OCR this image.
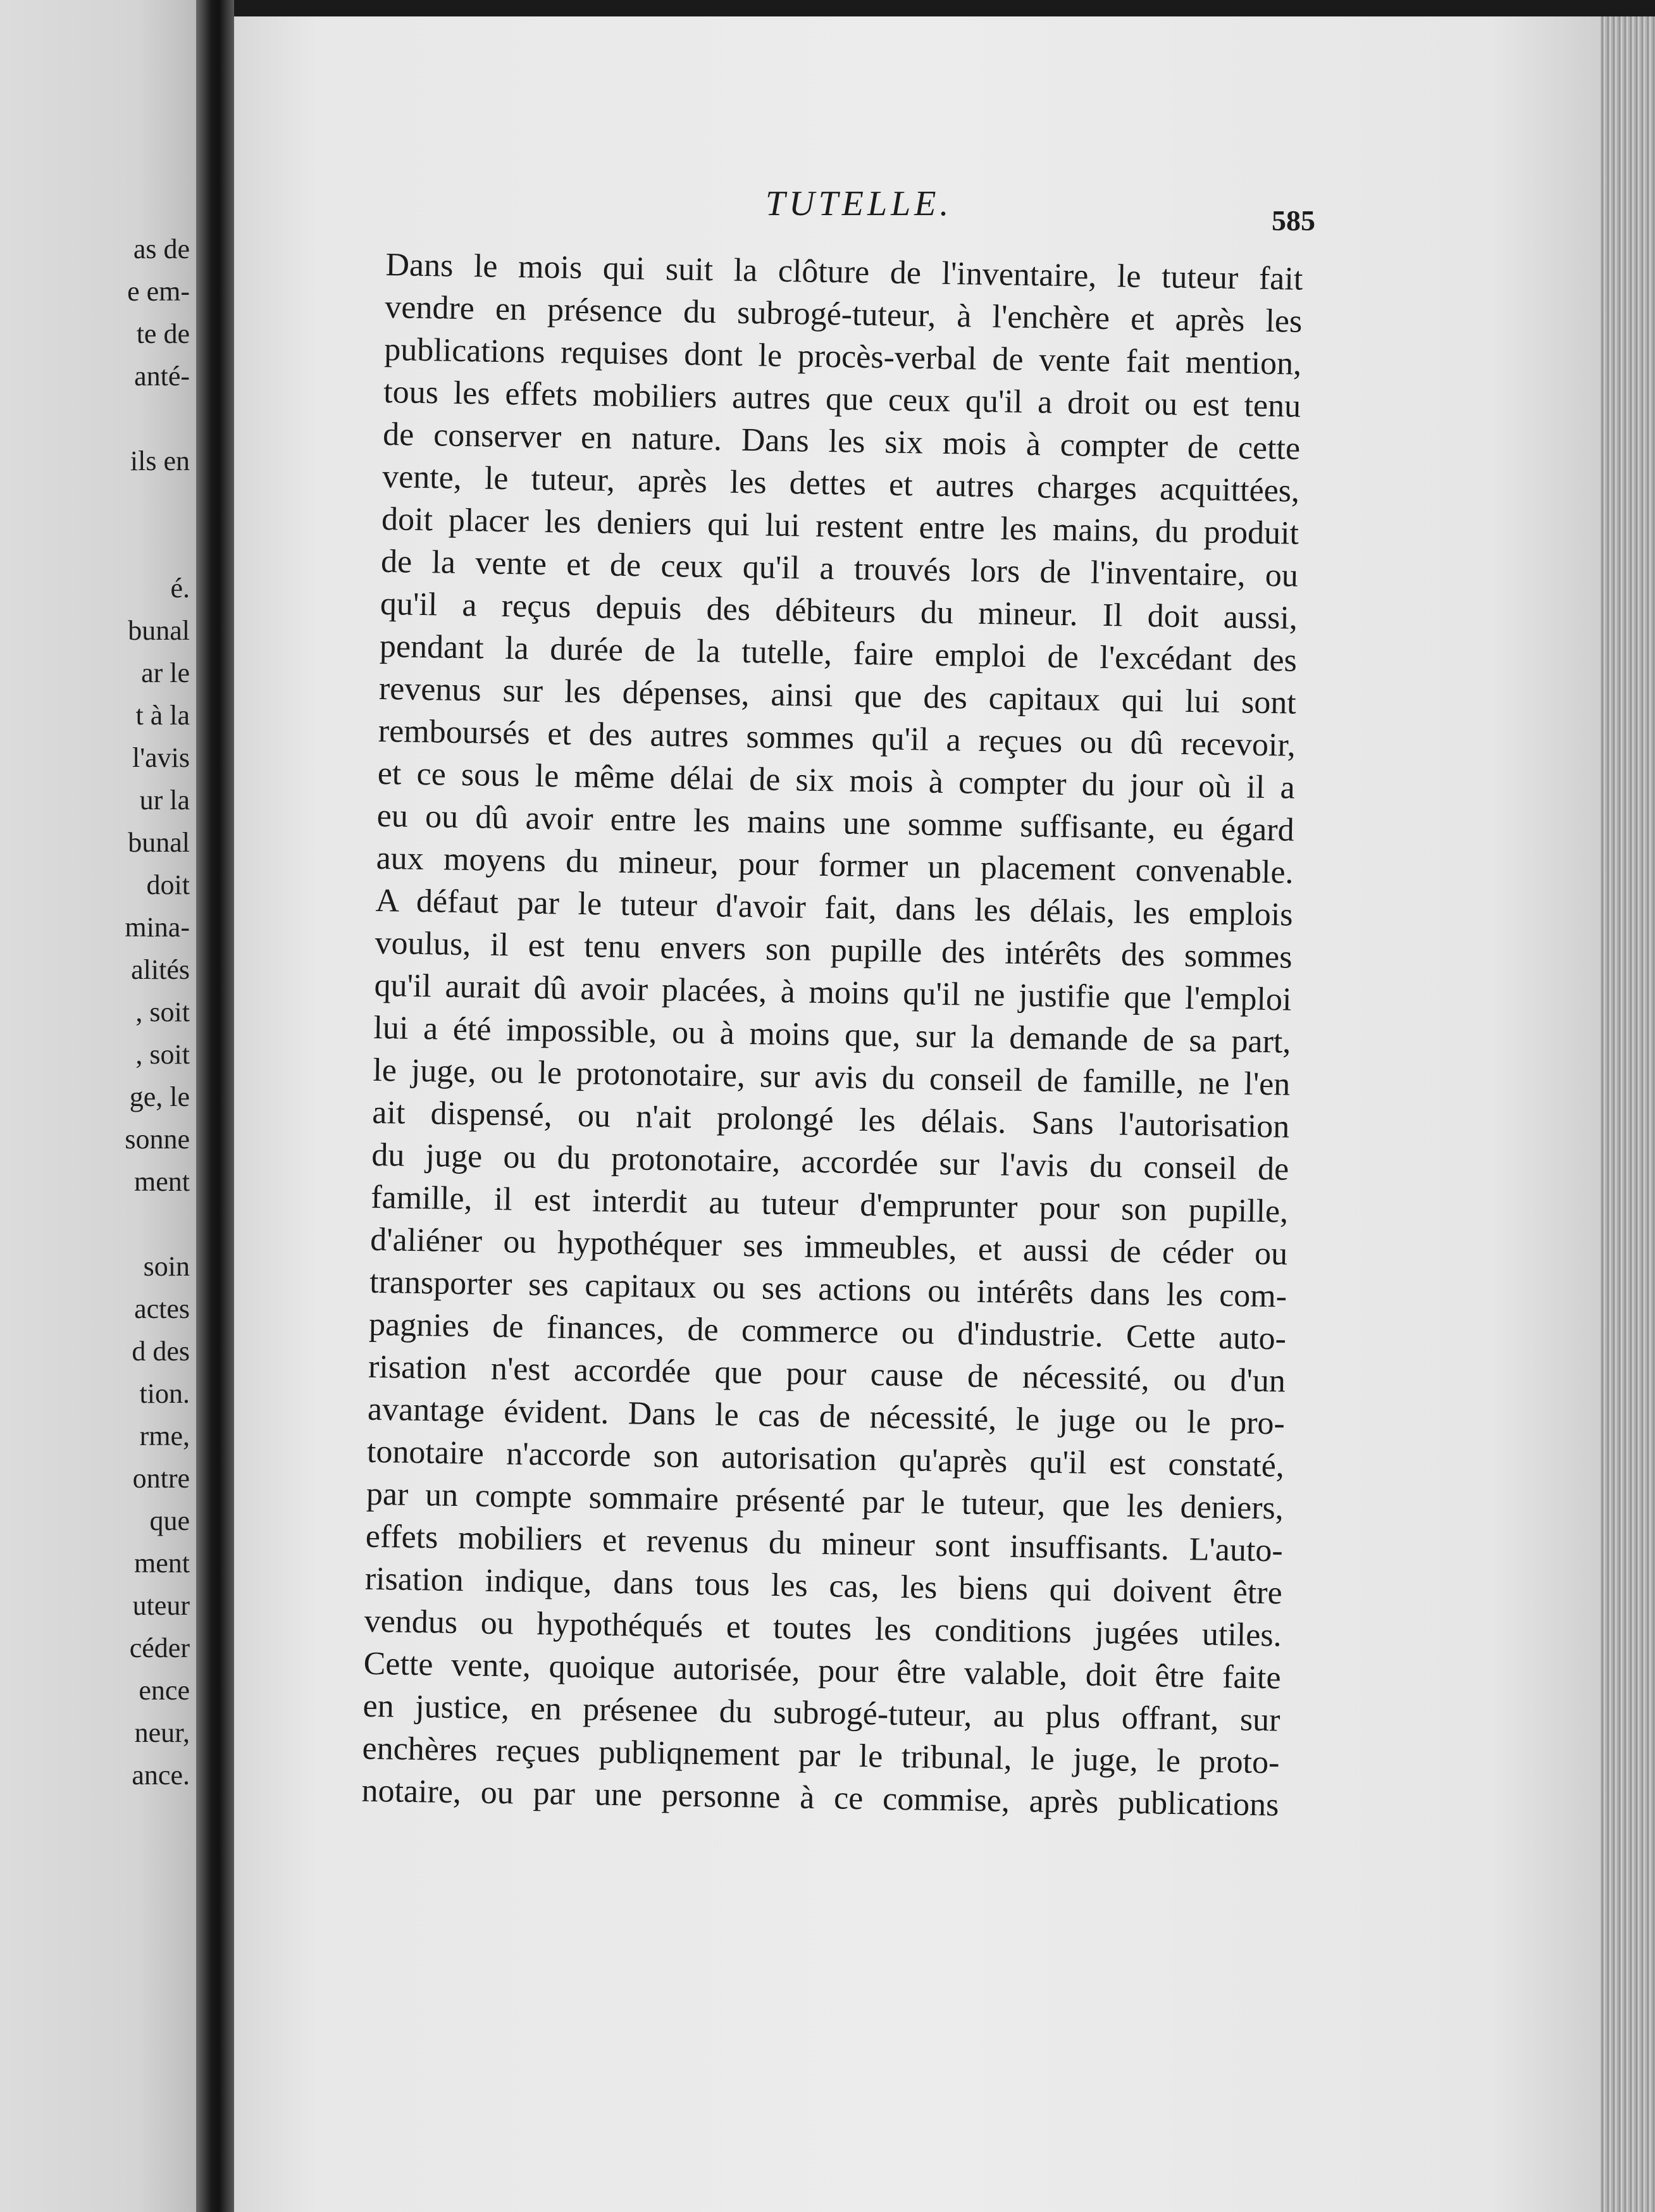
as de
e em-
te de
anté-
ils en
é.
bunal
ar le
t à la
l'avis
ur la
bunal
doit
mina-
alités
, soit
, soit
ge, le
sonne
ment
soin
actes
d des
tion.
rme,
ontre
que
ment
uteur
céder
ence
neur,
ance.
TUTELLE.	585
Dans le mois qui suit la clôture de l'inventaire, le tuteur fait
vendre en présence du subrogé-tuteur, à l'enchère et après les
publications requises dont le procès-verbal de vente fait mention,
tous les effets mobiliers autres que ceux qu'il a droit ou est tenu
de conserver en nature. Dans les six mois à compter de cette
vente, le tuteur, après les dettes et autres charges acquittées,
doit placer les deniers qui lui restent entre les mains, du produit
de la vente et de ceux qu'il a trouvés lors de l'inventaire, ou
qu'il a reçus depuis des débiteurs du mineur. Il doit aussi,
pendant la durée de la tutelle, faire emploi de l'excédant des
revenus sur les dépenses, ainsi que des capitaux qui lui sont
remboursés et des autres sommes qu'il a reçues ou dû recevoir,
et ce sous le même délai de six mois à compter du jour où il a
eu ou dû avoir entre les mains une somme suffisante, eu égard
aux moyens du mineur, pour former un placement convenable.
A défaut par le tuteur d'avoir fait, dans les délais, les emplois
voulus, il est tenu envers son pupille des intérêts des sommes
qu'il aurait dû avoir placées, à moins qu'il ne justifie que l'emploi
lui a été impossible, ou à moins que, sur la demande de sa part,
le juge, ou le protonotaire, sur avis du conseil de famille, ne l'en
ait dispensé, ou n'ait prolongé les délais. Sans l'autorisation
du juge ou du protonotaire, accordée sur l'avis du conseil de
famille, il est interdit au tuteur d'emprunter pour son pupille,
d'aliéner ou hypothéquer ses immeubles, et aussi de céder ou
transporter ses capitaux ou ses actions ou intérêts dans les com-
pagnies de finances, de commerce ou d'industrie. Cette auto-
risation n'est accordée que pour cause de nécessité, ou d'un
avantage évident. Dans le cas de nécessité, le juge ou le pro-
tonotaire n'accorde son autorisation qu'après qu'il est constaté,
par un compte sommaire présenté par le tuteur, que les deniers,
effets mobiliers et revenus du mineur sont insuffisants. L'auto-
risation indique, dans tous les cas, les biens qui doivent être
vendus ou hypothéqués et toutes les conditions jugées utiles.
Cette vente, quoique autorisée, pour être valable, doit être faite
en justice, en présenee du subrogé-tuteur, au plus offrant, sur
enchères reçues publiqnement par le tribunal, le juge, le proto-
notaire, ou par une personne à ce commise, après publications
